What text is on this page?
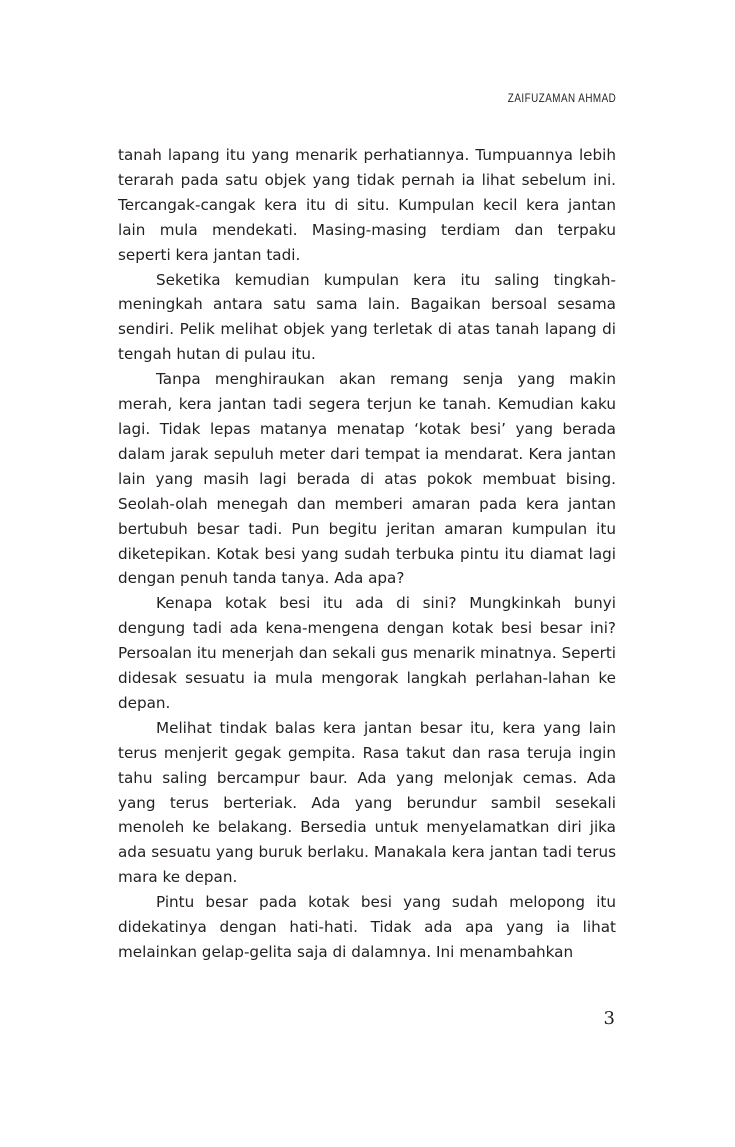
ZAIFUZAMAN AHMAD

tanah lapang itu yang menarik perhatiannya. Tumpuannya lebih terarah pada satu objek yang tidak pernah ia lihat sebelum ini. Tercangak-cangak kera itu di situ. Kumpulan kecil kera jantan lain mula mendekati. Masing-masing terdiam dan terpaku seperti kera jantan tadi.

Seketika kemudian kumpulan kera itu saling tingkah-meningkah antara satu sama lain. Bagaikan bersoal sesama sendiri. Pelik melihat objek yang terletak di atas tanah lapang di tengah hutan di pulau itu.

Tanpa menghiraukan akan remang senja yang makin merah, kera jantan tadi segera terjun ke tanah. Kemudian kaku lagi. Tidak lepas matanya menatap ‘kotak besi’ yang berada dalam jarak sepuluh meter dari tempat ia mendarat. Kera jantan lain yang masih lagi berada di atas pokok membuat bising. Seolah-olah menegah dan memberi amaran pada kera jantan bertubuh besar tadi. Pun begitu jeritan amaran kumpulan itu diketepikan. Kotak besi yang sudah terbuka pintu itu diamat lagi dengan penuh tanda tanya. Ada apa?

Kenapa kotak besi itu ada di sini? Mungkinkah bunyi dengung tadi ada kena-mengena dengan kotak besi besar ini? Persoalan itu menerjah dan sekali gus menarik minatnya. Seperti didesak sesuatu ia mula mengorak langkah perlahan-lahan ke depan.

Melihat tindak balas kera jantan besar itu, kera yang lain terus menjerit gegak gempita. Rasa takut dan rasa teruja ingin tahu saling bercampur baur. Ada yang melonjak cemas. Ada yang terus berteriak. Ada yang berundur sambil sesekali menoleh ke belakang. Bersedia untuk menyelamatkan diri jika ada sesuatu yang buruk berlaku. Manakala kera jantan tadi terus mara ke depan.

Pintu besar pada kotak besi yang sudah melopong itu didekatinya dengan hati-hati. Tidak ada apa yang ia lihat melainkan gelap-gelita saja di dalamnya. Ini menambahkan

3
